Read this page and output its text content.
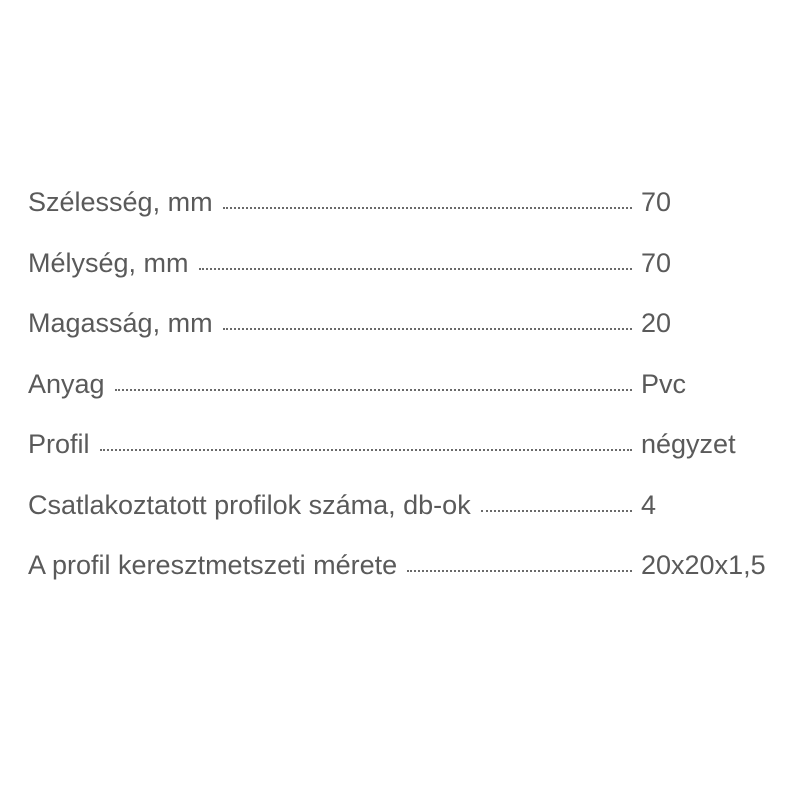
Szélesség, mm	70
Mélység, mm	70
Magasság, mm	20
Anyag	Pvc
Profil	négyzet
Csatlakoztatott profilok száma, db-ok	4
A profil keresztmetszeti mérete	20x20x1,5
